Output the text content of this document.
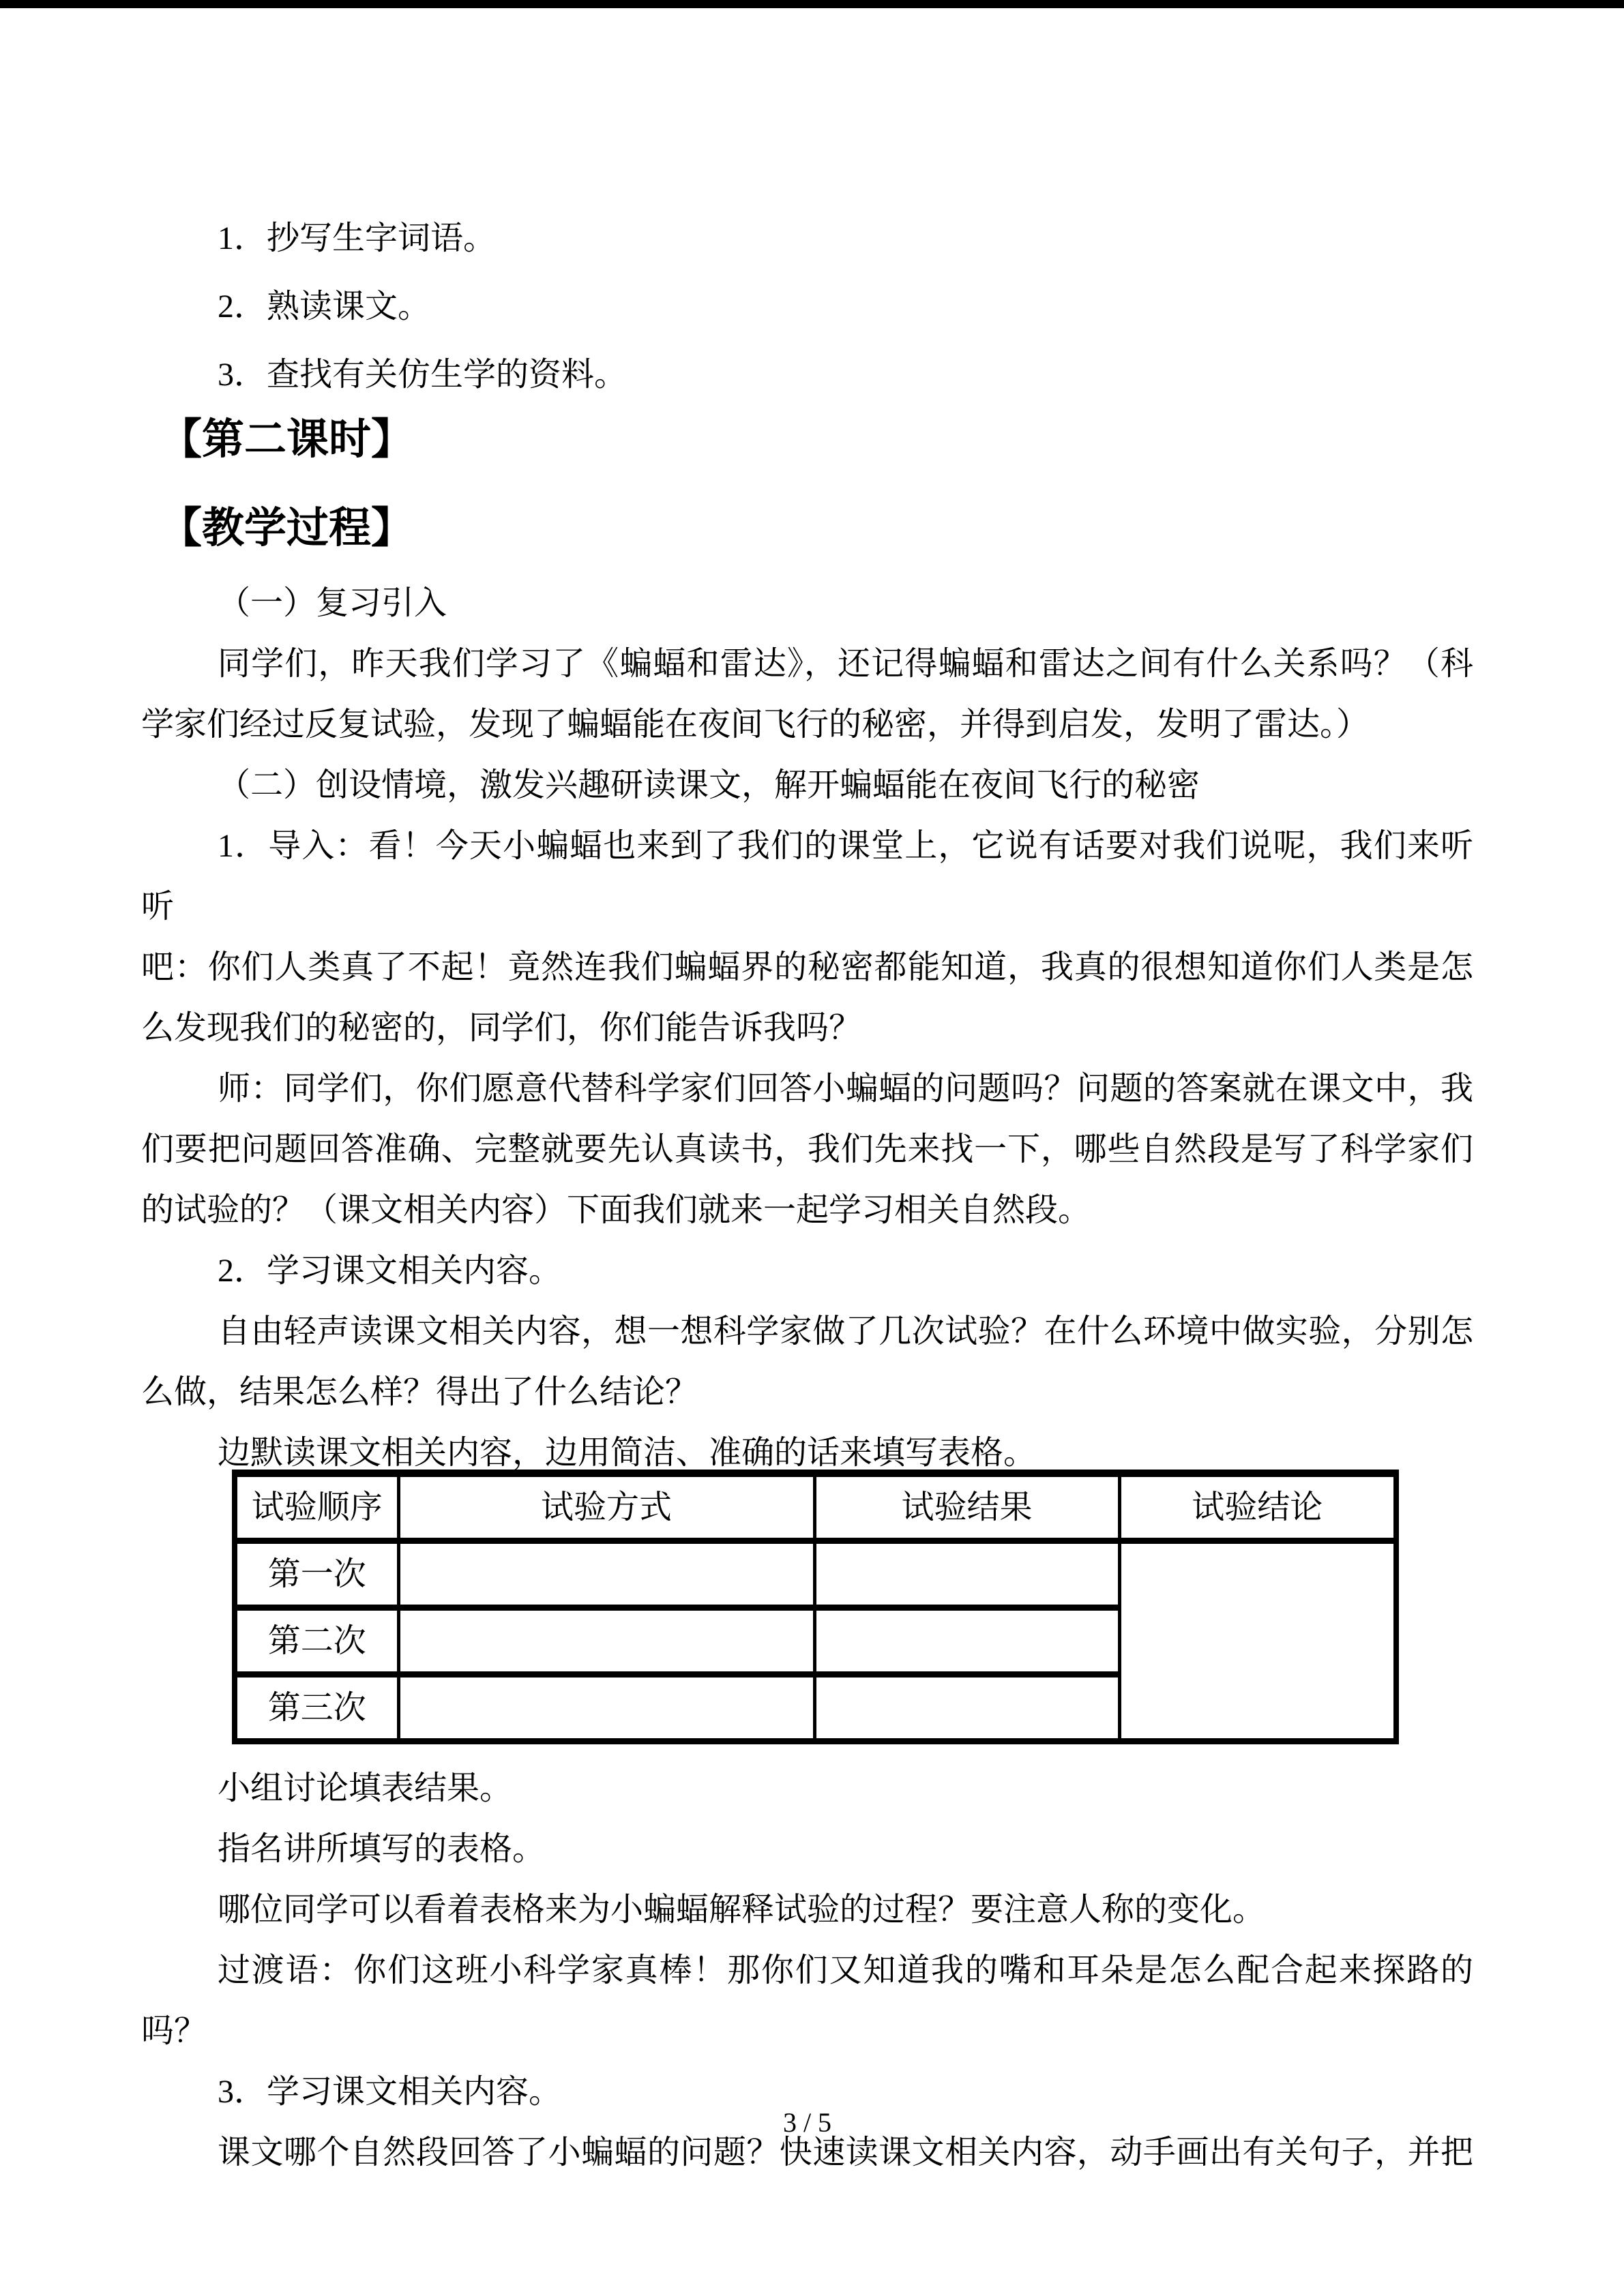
1．抄写生字词语。
2．熟读课文。
3．查找有关仿生学的资料。
【第二课时】
【教学过程】
（一）复习引入
同学们，昨天我们学习了《蝙蝠和雷达》，还记得蝙蝠和雷达之间有什么关系吗？（科
学家们经过反复试验，发现了蝙蝠能在夜间飞行的秘密，并得到启发，发明了雷达。）
（二）创设情境，激发兴趣研读课文，解开蝙蝠能在夜间飞行的秘密
1．导入：看！今天小蝙蝠也来到了我们的课堂上，它说有话要对我们说呢，我们来听听
吧：你们人类真了不起！竟然连我们蝙蝠界的秘密都能知道，我真的很想知道你们人类是怎
么发现我们的秘密的，同学们，你们能告诉我吗？
师：同学们，你们愿意代替科学家们回答小蝙蝠的问题吗？问题的答案就在课文中，我
们要把问题回答准确、完整就要先认真读书，我们先来找一下，哪些自然段是写了科学家们
的试验的？（课文相关内容）下面我们就来一起学习相关自然段。
2．学习课文相关内容。
自由轻声读课文相关内容，想一想科学家做了几次试验？在什么环境中做实验，分别怎
么做，结果怎么样？得出了什么结论？
边默读课文相关内容，边用简洁、准确的话来填写表格。
试验顺序	试验方式	试验结果	试验结论
第一次			
第二次			
第三次			
小组讨论填表结果。
指名讲所填写的表格。
哪位同学可以看着表格来为小蝙蝠解释试验的过程？要注意人称的变化。
过渡语：你们这班小科学家真棒！那你们又知道我的嘴和耳朵是怎么配合起来探路的
吗？
3．学习课文相关内容。
课文哪个自然段回答了小蝙蝠的问题？快速读课文相关内容，动手画出有关句子，并把
3 / 5
